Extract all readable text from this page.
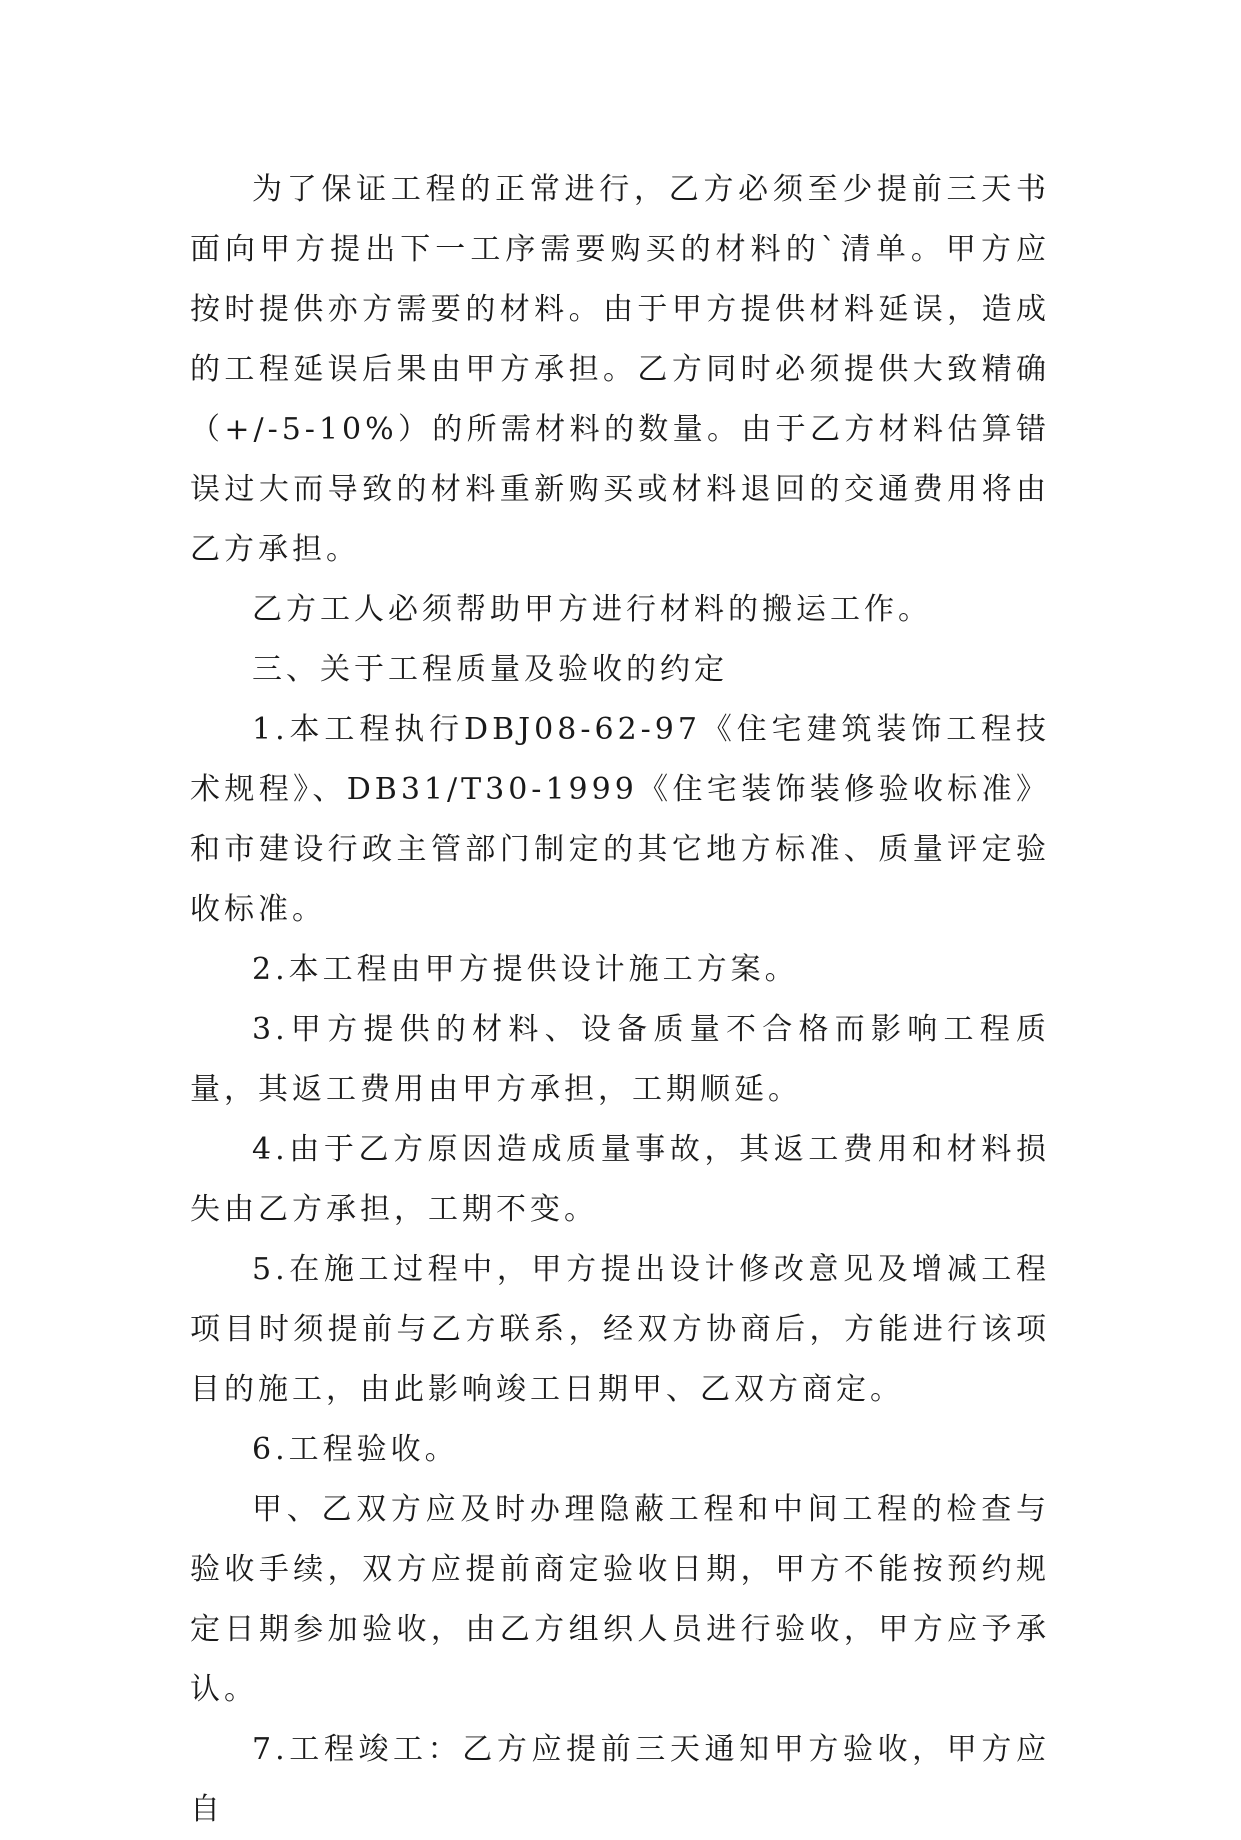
为了保证工程的正常进行，乙方必须至少提前三天书面向甲方提出下一工序需要购买的材料的`清单。甲方应按时提供亦方需要的材料。由于甲方提供材料延误，造成的工程延误后果由甲方承担。乙方同时必须提供大致精确（+/-5-10%）的所需材料的数量。由于乙方材料估算错误过大而导致的材料重新购买或材料退回的交通费用将由乙方承担。

乙方工人必须帮助甲方进行材料的搬运工作。

三、关于工程质量及验收的约定

1.本工程执行DBJ08-62-97《住宅建筑装饰工程技术规程》、DB31/T30-1999《住宅装饰装修验收标准》和市建设行政主管部门制定的其它地方标准、质量评定验收标准。

2.本工程由甲方提供设计施工方案。

3.甲方提供的材料、设备质量不合格而影响工程质量，其返工费用由甲方承担，工期顺延。

4.由于乙方原因造成质量事故，其返工费用和材料损失由乙方承担，工期不变。

5.在施工过程中，甲方提出设计修改意见及增减工程项目时须提前与乙方联系，经双方协商后，方能进行该项目的施工，由此影响竣工日期甲、乙双方商定。

6.工程验收。

甲、乙双方应及时办理隐蔽工程和中间工程的检查与验收手续，双方应提前商定验收日期，甲方不能按预约规定日期参加验收，由乙方组织人员进行验收，甲方应予承认。

7.工程竣工：乙方应提前三天通知甲方验收，甲方应自
